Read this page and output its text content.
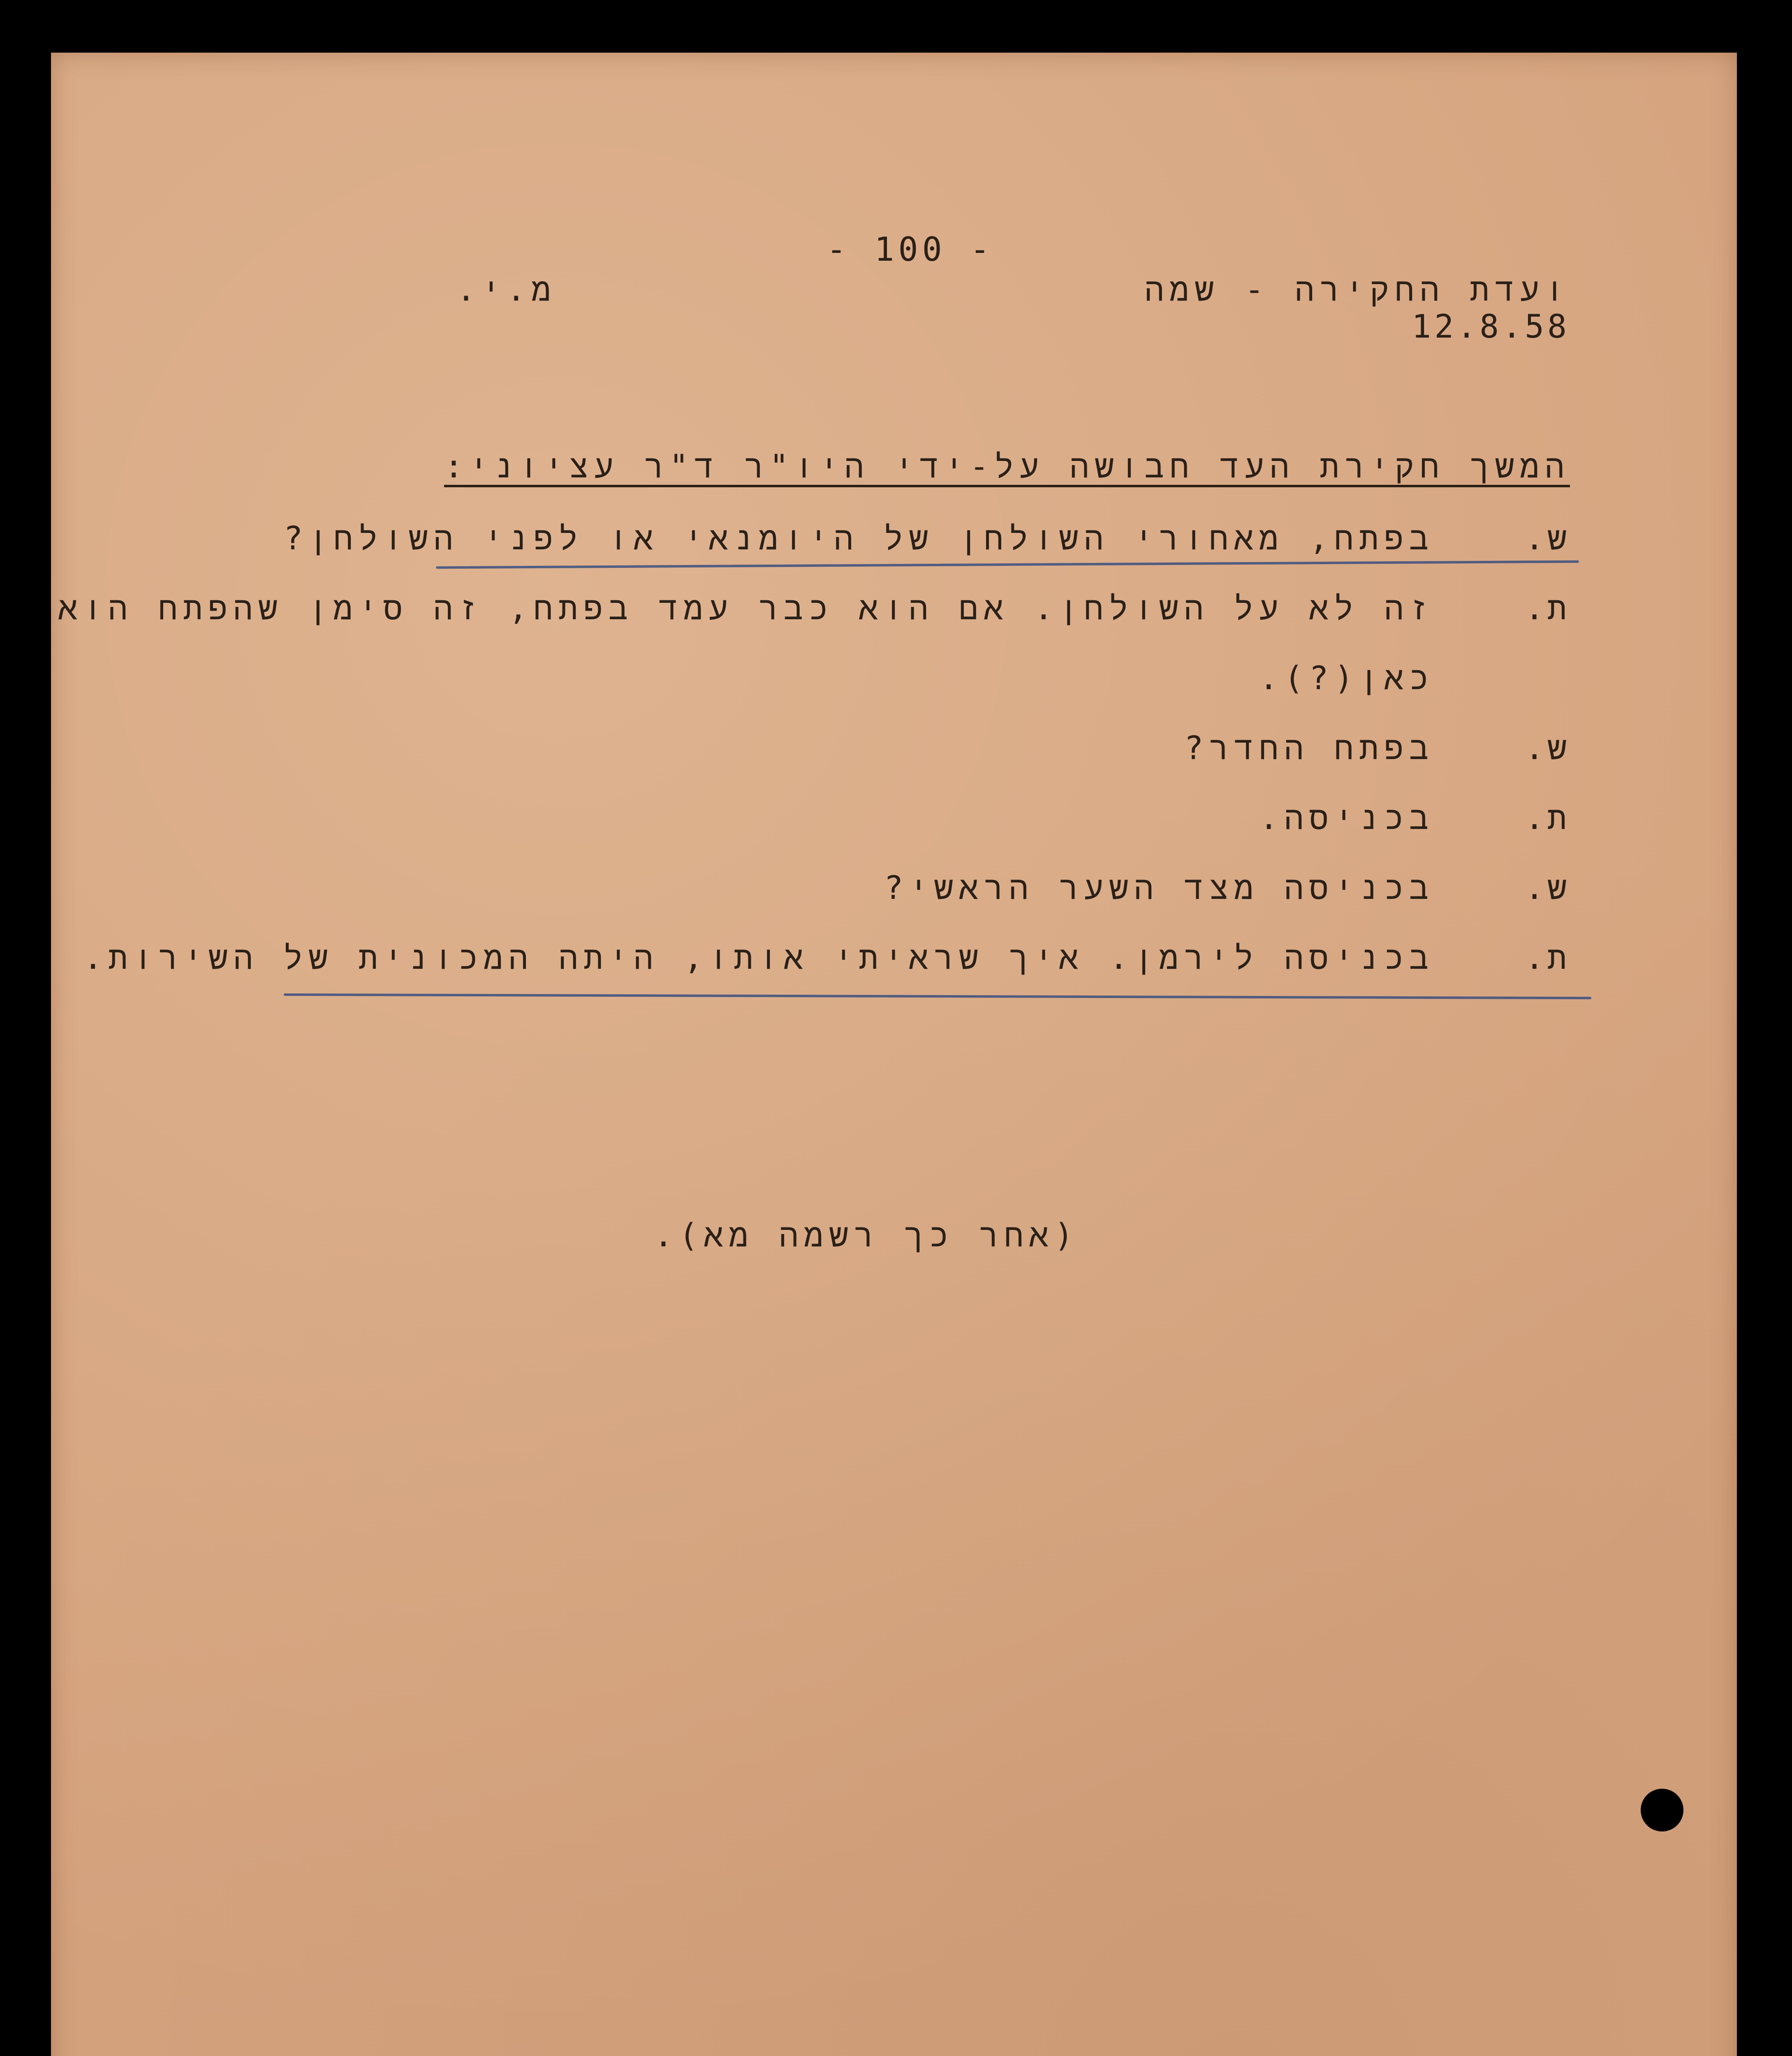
- 100 -
ועדת החקירה - שמה
12.8.58
מ.י.
המשך חקירת העד חבושה על-ידי היו"ר ד"ר עציוני:
ש.
בפתח, מאחורי השולחן של היומנאי או לפני השולחן?
ת.
זה לא על השולחן. אם הוא כבר עמד בפתח, זה סימן שהפתח הוא
כאן(?).
ש.
בפתח החדר?
ת.
בכניסה.
ש.
בכניסה מצד השער הראשי?
ת.
בכניסה לירמן. איך שראיתי אותו, היתה המכונית של השירות.
(אחר כך רשמה מא).
